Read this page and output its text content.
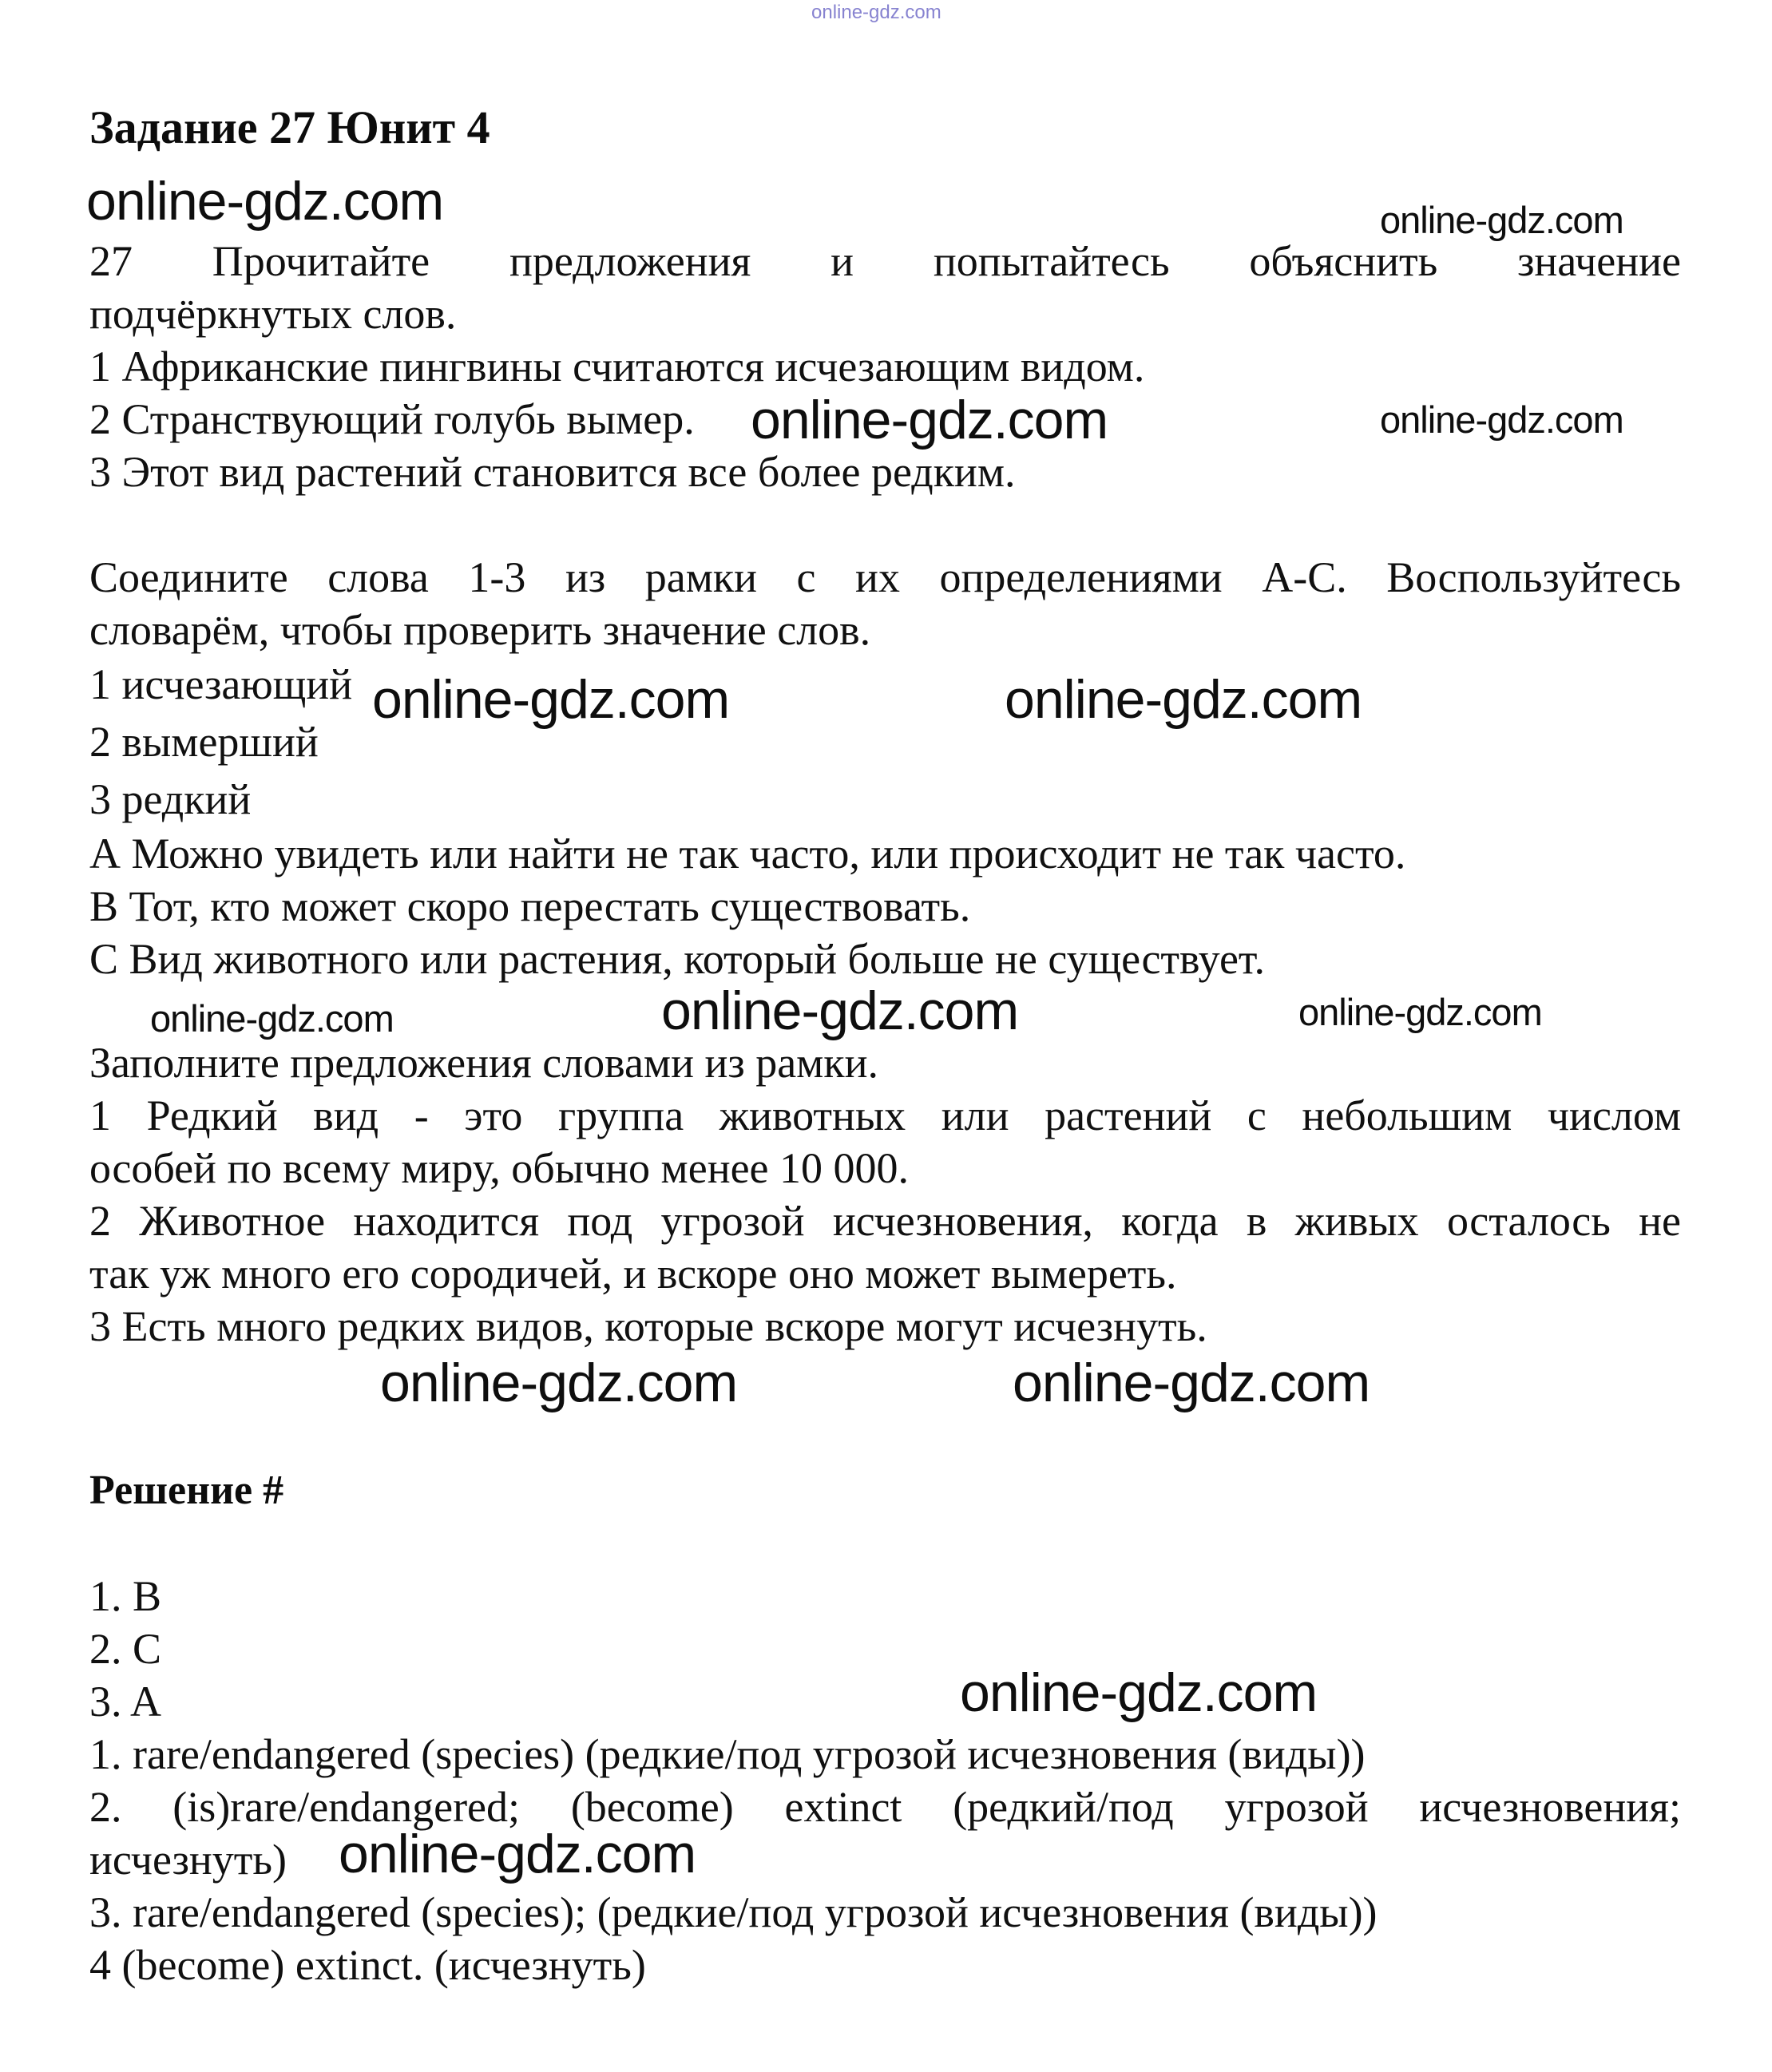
online-gdz.com
Задание 27 Юнит 4
online-gdz.com	online-gdz.com
27 Прочитайте предложения и попытайтесь объяснить значение
подчёркнутых слов.
1 Африканские пингвины считаются исчезающим видом.
2 Странствующий голубь вымер.	online-gdz.com	online-gdz.com
3 Этот вид растений становится все более редким.
Соедините слова 1-3 из рамки с их определениями А-С. Воспользуйтесь
словарём, чтобы проверить значение слов.
1 исчезающий online-gdz.com	online-gdz.com
2 вымерший
3 редкий
А Можно увидеть или найти не так часто, или происходит не так часто.
В Тот, кто может скоро перестать существовать.
С Вид животного или растения, который больше не существует.
online-gdz.com	online-gdz.com	online-gdz.com
Заполните предложения словами из рамки.
1 Редкий вид - это группа животных или растений с небольшим числом
особей по всему миру, обычно менее 10 000.
2 Животное находится под угрозой исчезновения, когда в живых осталось не
так уж много его сородичей, и вскоре оно может вымереть.
3 Есть много редких видов, которые вскоре могут исчезнуть.
online-gdz.com	online-gdz.com
Решение #
1. B
2. C
3. A	online-gdz.com
1. rare/endangered (species) (редкие/под угрозой исчезновения (виды))
2. (is)rare/endangered; (become) extinct (редкий/под угрозой исчезновения;
исчезнуть) online-gdz.com
3. rare/endangered (species); (редкие/под угрозой исчезновения (виды))
4 (become) extinct. (исчезнуть)
